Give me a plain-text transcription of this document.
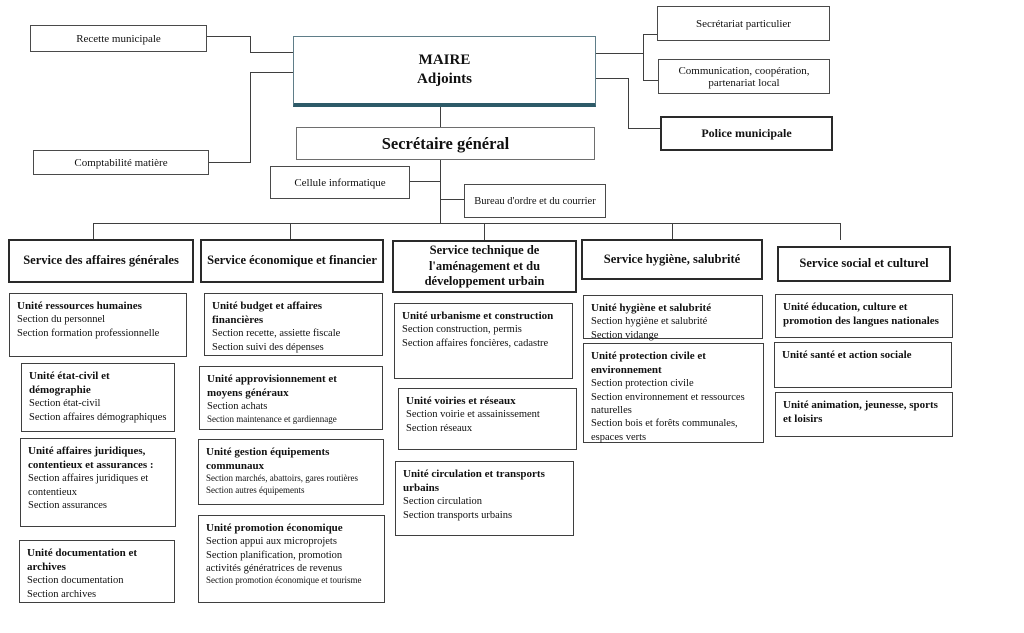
Recette municipale
Comptabilité matière
MAIRE
Adjoints
Secrétaire général
Cellule informatique
Bureau d'ordre et du courrier
Secrétariat particulier
Communication, coopération, partenariat local
Police municipale
Service des affaires générales Service économique et financier
Service technique de l'aménagement et du développement urbain
Service hygiène, salubrité	Service social et culturel
Unité ressources humaines
Section du personnel
Section formation professionnelle
Unité état-civil et démographie
Section état-civil
Section affaires démographiques
Unité affaires juridiques, contentieux et assurances :
Section affaires juridiques et contentieux
Section assurances
Unité documentation et archives
Section documentation
Section archives
Unité budget et affaires financières
Section recette, assiette fiscale
Section suivi des dépenses
Unité approvisionnement et moyens généraux
Section achats
Section maintenance et gardiennage
Unité gestion équipements communaux
Section marchés, abattoirs, gares routières
Section autres équipements
Unité promotion économique
Section appui aux microprojets
Section planification, promotion activités génératrices de revenus
Section promotion économique et tourisme
Unité urbanisme et construction
Section construction, permis
Section affaires foncières, cadastre
Unité voiries et réseaux
Section voirie et assainissement
Section réseaux
Unité circulation et transports urbains
Section circulation
Section transports urbains
Unité hygiène et salubrité
Section hygiène et salubrité
Section vidange
Unité protection civile et environnement
Section protection civile
Section environnement et ressources naturelles
Section bois et forêts communales, espaces verts
Unité éducation, culture et promotion des langues nationales
Unité santé et action sociale
Unité animation, jeunesse, sports et loisirs
